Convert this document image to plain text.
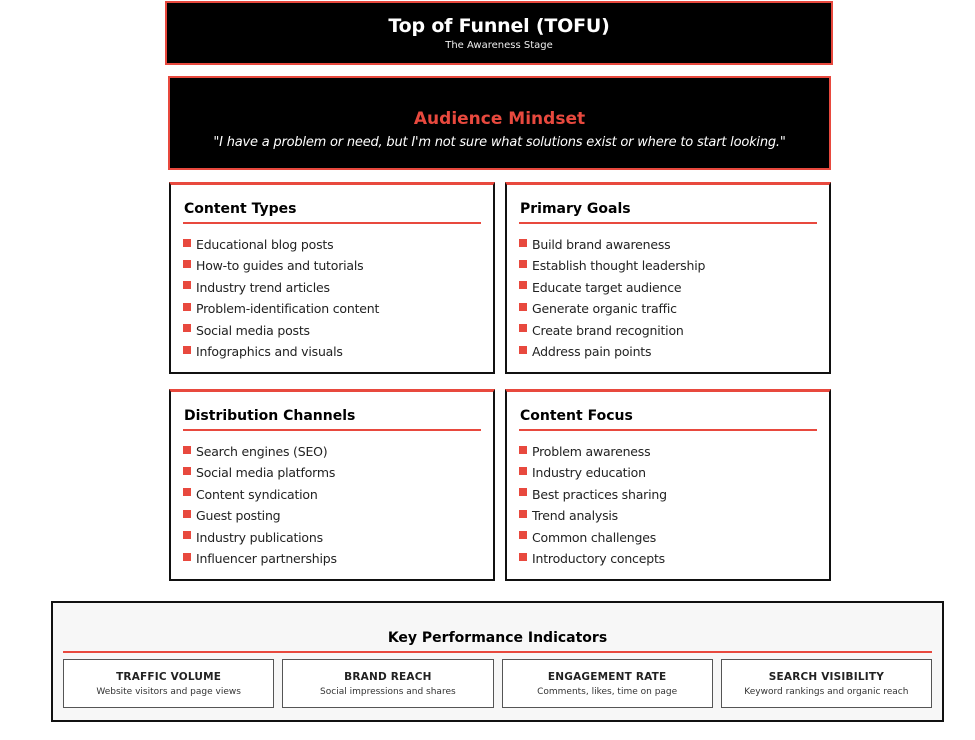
Top of Funnel (TOFU)
The Awareness Stage
Audience Mindset
"I have a problem or need, but I'm not sure what solutions exist or where to start looking."
Content Types
Educational blog posts
How-to guides and tutorials
Industry trend articles
Problem-identification content
Social media posts
Infographics and visuals
Primary Goals
Build brand awareness
Establish thought leadership
Educate target audience
Generate organic traffic
Create brand recognition
Address pain points
Distribution Channels
Search engines (SEO)
Social media platforms
Content syndication
Guest posting
Industry publications
Influencer partnerships
Content Focus
Problem awareness
Industry education
Best practices sharing
Trend analysis
Common challenges
Introductory concepts
Key Performance Indicators
TRAFFIC VOLUME
Website visitors and page views
BRAND REACH
Social impressions and shares
ENGAGEMENT RATE
Comments, likes, time on page
SEARCH VISIBILITY
Keyword rankings and organic reach
